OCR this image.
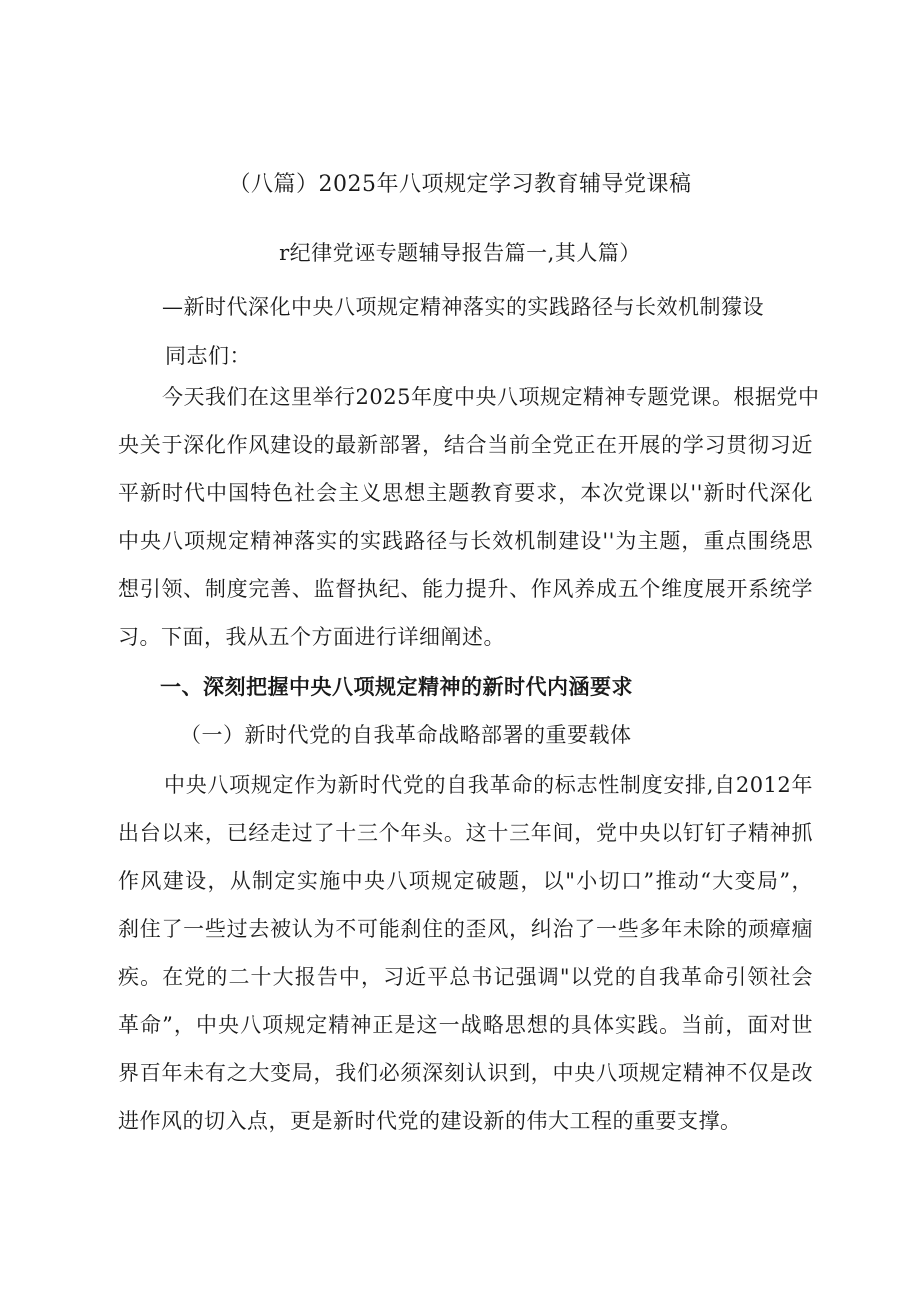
（八篇）2025年八项规定学习教育辅导党课稿
r纪律党诬专题辅导报告篇一,其人篇）
—新时代深化中央八项规定精神落实的实践路径与长效机制獴设
同志们：
今天我们在这里举行2025年度中央八项规定精神专题党课。根据党中
央关于深化作风建设的最新部署，结合当前全党正在开展的学习贯彻习近
平新时代中国特色社会主义思想主题教育要求，本次党课以''新时代深化
中央八项规定精神落实的实践路径与长效机制建设''为主题，重点围绕思
想引领、制度完善、监督执纪、能力提升、作风养成五个维度展开系统学
习。下面，我从五个方面进行详细阐述。
一、深刻把握中央八项规定精神的新时代内涵要求
（一）新时代党的自我革命战略部署的重要载体
中央八项规定作为新时代党的自我革命的标志性制度安排,自2012年
出台以来，已经走过了十三个年头。这十三年间，党中央以钉钉子精神抓
作风建设，从制定实施中央八项规定破题，以"小切口”推动“大变局”，
刹住了一些过去被认为不可能刹住的歪风，纠治了一些多年未除的顽瘴痼
疾。在党的二十大报告中，习近平总书记强调"以党的自我革命引领社会
革命”，中央八项规定精神正是这一战略思想的具体实践。当前，面对世
界百年未有之大变局，我们必须深刻认识到，中央八项规定精神不仅是改
进作风的切入点，更是新时代党的建设新的伟大工程的重要支撑。
